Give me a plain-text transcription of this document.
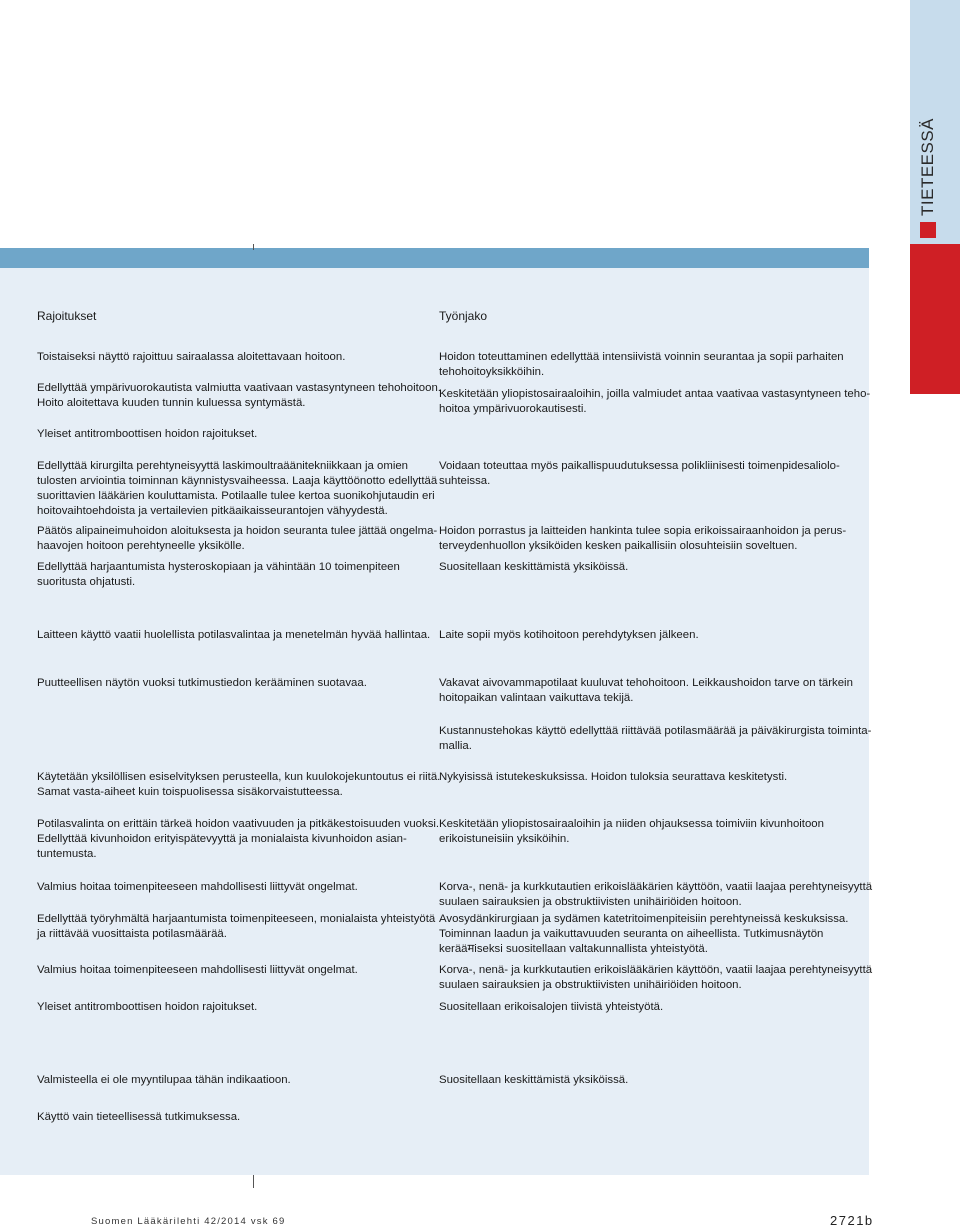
TIETEESSÄ
Rajoitukset	Työnjako
Toistaiseksi näyttö rajoittuu sairaalassa aloitettavaan hoitoon.
Edellyttää ympärivuorokautista valmiutta vaativaan vastasyntyneen tehohoitoon.
Hoito aloitettava kuuden tunnin kuluessa syntymästä.
Yleiset antitromboottisen hoidon rajoitukset.
Edellyttää kirurgilta perehtyneisyyttä laskimoultraäänitekniikkaan ja omien
tulosten arviointia toiminnan käynnistysvaiheessa. Laaja käyttöönotto edellyttää
suorittavien lääkärien kouluttamista. Potilaalle tulee kertoa suonikohjutaudin eri
hoitovaihtoehdoista ja vertailevien pitkäaikaisseurantojen vähyydestä.
Päätös alipaineimuhoidon aloituksesta ja hoidon seuranta tulee jättää ongelma-
haavojen hoitoon perehtyneelle yksikölle.
Edellyttää harjaantumista hysteroskopiaan ja vähintään 10 toimenpiteen
suoritusta ohjatusti.
Laitteen käyttö vaatii huolellista potilasvalintaa ja menetelmän hyvää hallintaa.
Puutteellisen näytön vuoksi tutkimustiedon kerääminen suotavaa.
Käytetään yksilöllisen esiselvityksen perusteella, kun kuulokojekuntoutus ei riitä.
Samat vasta-aiheet kuin toispuolisessa sisäkorvaistutteessa.
Potilasvalinta on erittäin tärkeä hoidon vaativuuden ja pitkäkestoisuuden vuoksi.
Edellyttää kivunhoidon erityispätevyyttä ja monialaista kivunhoidon asian-
tuntemusta.
Valmius hoitaa toimenpiteeseen mahdollisesti liittyvät ongelmat.
Edellyttää työryhmältä harjaantumista toimenpiteeseen, monialaista yhteistyötä
ja riittävää vuosittaista potilasmäärää.
Valmius hoitaa toimenpiteeseen mahdollisesti liittyvät ongelmat.
Yleiset antitromboottisen hoidon rajoitukset.
Valmisteella ei ole myyntilupaa tähän indikaatioon.
Käyttö vain tieteellisessä tutkimuksessa.
Hoidon toteuttaminen edellyttää intensiivistä voinnin seurantaa ja sopii parhaiten
tehohoitoyksikköihin.
Keskitetään yliopistosairaaloihin, joilla valmiudet antaa vaativaa vastasyntyneen teho-
hoitoa ympärivuorokautisesti.
Voidaan toteuttaa myös paikallispuudutuksessa polikliinisesti toimenpidesaliolo-
suhteissa.
Hoidon porrastus ja laitteiden hankinta tulee sopia erikoissairaanhoidon ja perus-
terveydenhuollon yksiköiden kesken paikallisiin olosuhteisiin soveltuen.
Suositellaan keskittämistä yksiköissä.
Laite sopii myös kotihoitoon perehdytyksen jälkeen.
Vakavat aivovammapotilaat kuuluvat tehohoitoon. Leikkaushoidon tarve on tärkein
hoitopaikan valintaan vaikuttava tekijä.
Kustannustehokas käyttö edellyttää riittävää potilasmäärää ja päiväkirurgista toiminta-
mallia.
Nykyisissä istutekeskuksissa. Hoidon tuloksia seurattava keskitetysti.
Keskitetään yliopistosairaaloihin ja niiden ohjauksessa toimiviin kivunhoitoon
erikoistuneisiin yksiköihin.
Korva-, nenä- ja kurkkutautien erikoislääkärien käyttöön, vaatii laajaa perehtyneisyyttä
suulaen sairauksien ja obstruktiivisten unihäiriöiden hoitoon.
Avosydänkirurgiaan ja sydämen katetritoimenpiteisiin perehtyneissä keskuksissa.
Toiminnan laadun ja vaikuttavuuden seuranta on aiheellista. Tutkimusnäytön
kerääमiseksi suositellaan valtakunnallista yhteistyötä.
Korva-, nenä- ja kurkkutautien erikoislääkärien käyttöön, vaatii laajaa perehtyneisyyttä
suulaen sairauksien ja obstruktiivisten unihäiriöiden hoitoon.
Suositellaan erikoisalojen tiivistä yhteistyötä.
Suositellaan keskittämistä yksiköissä.
Suomen Lääkärilehti 42/2014 vsk 69	2721b
